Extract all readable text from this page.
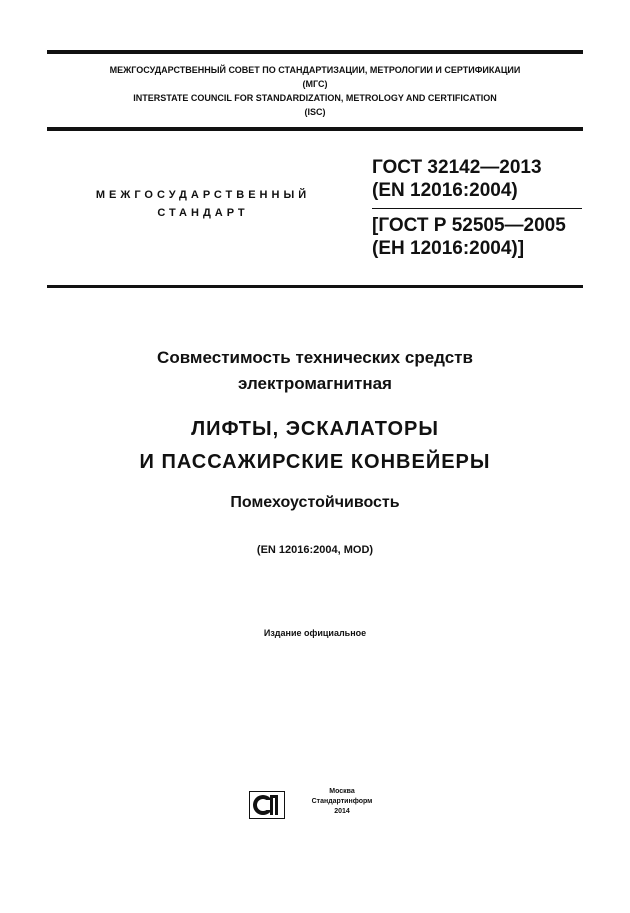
МЕЖГОСУДАРСТВЕННЫЙ СОВЕТ ПО СТАНДАРТИЗАЦИИ, МЕТРОЛОГИИ И СЕРТИФИКАЦИИ
(МГС)
INTERSTATE COUNCIL FOR STANDARDIZATION, METROLOGY AND CERTIFICATION
(ISC)
МЕЖГОСУДАРСТВЕННЫЙ
СТАНДАРТ
ГОСТ 32142—2013
(EN 12016:2004)
[ГОСТ Р 52505—2005
(ЕН 12016:2004)]
Совместимость технических средств
электромагнитная
ЛИФТЫ, ЭСКАЛАТОРЫ
И ПАССАЖИРСКИЕ КОНВЕЙЕРЫ
Помехоустойчивость
(EN 12016:2004, MOD)
Издание официальное
Москва
Стандартинформ
2014
